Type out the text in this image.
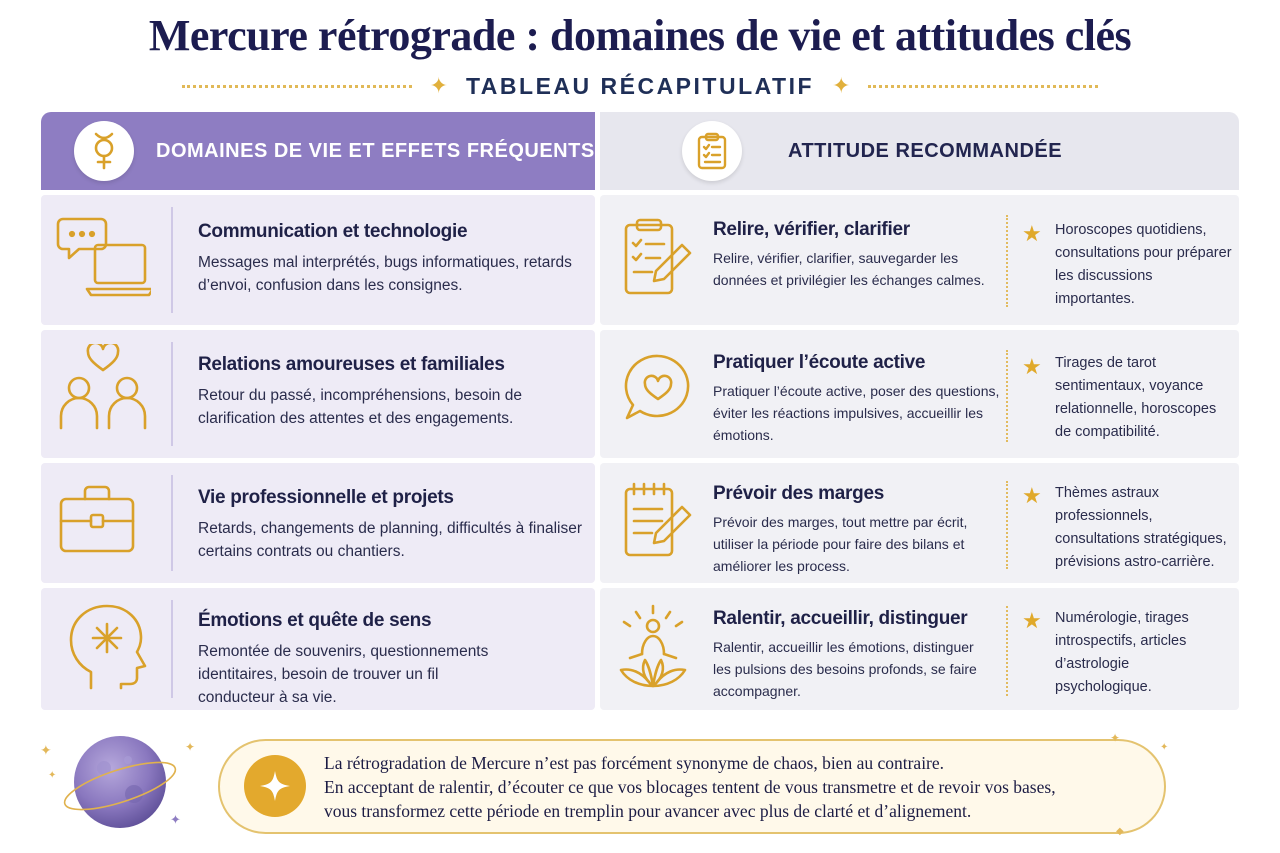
Mercure rétrograde : domaines de vie et attitudes clés
✦ TABLEAU RÉCAPITULATIF ✦
DOMAINES DE VIE ET EFFETS FRÉQUENTS	ATTITUDE RECOMMANDÉE
Communication et technologie
Messages mal interprétés, bugs informatiques, retards d’envoi, confusion dans les consignes.
Relire, vérifier, clarifier
Relire, vérifier, clarifier, sauvegarder les données et privilégier les échanges calmes.
★ Horoscopes quotidiens, consultations pour préparer les discussions importantes.
Relations amoureuses et familiales
Retour du passé, incompréhensions, besoin de clarification des attentes et des engagements.
Pratiquer l’écoute active
Pratiquer l’écoute active, poser des questions, éviter les réactions impulsives, accueillir les émotions.
★ Tirages de tarot sentimentaux, voyance relationnelle, horoscopes de compatibilité.
Vie professionnelle et projets
Retards, changements de planning, difficultés à finaliser certains contrats ou chantiers.
Prévoir des marges
Prévoir des marges, tout mettre par écrit, utiliser la période pour faire des bilans et améliorer les process.
★ Thèmes astraux professionnels, consultations stratégiques, prévisions astro-carrière.
Émotions et quête de sens
Remontée de souvenirs, questionnements identitaires, besoin de trouver un fil conducteur à sa vie.
Ralentir, accueillir, distinguer
Ralentir, accueillir les émotions, distinguer les pulsions des besoins profonds, se faire accompagner.
★ Numérologie, tirages introspectifs, articles d’astrologie psychologique.
✦
✦
✦
✦
La rétrogradation de Mercure n’est pas forcément synonyme de chaos, bien au contraire.
En acceptant de ralentir, d’écouter ce que vos blocages tentent de vous transmetre et de revoir vos bases,
vous transformez cette période en tremplin pour avancer avec plus de clarté et d’alignement.
✦
✦
◆
